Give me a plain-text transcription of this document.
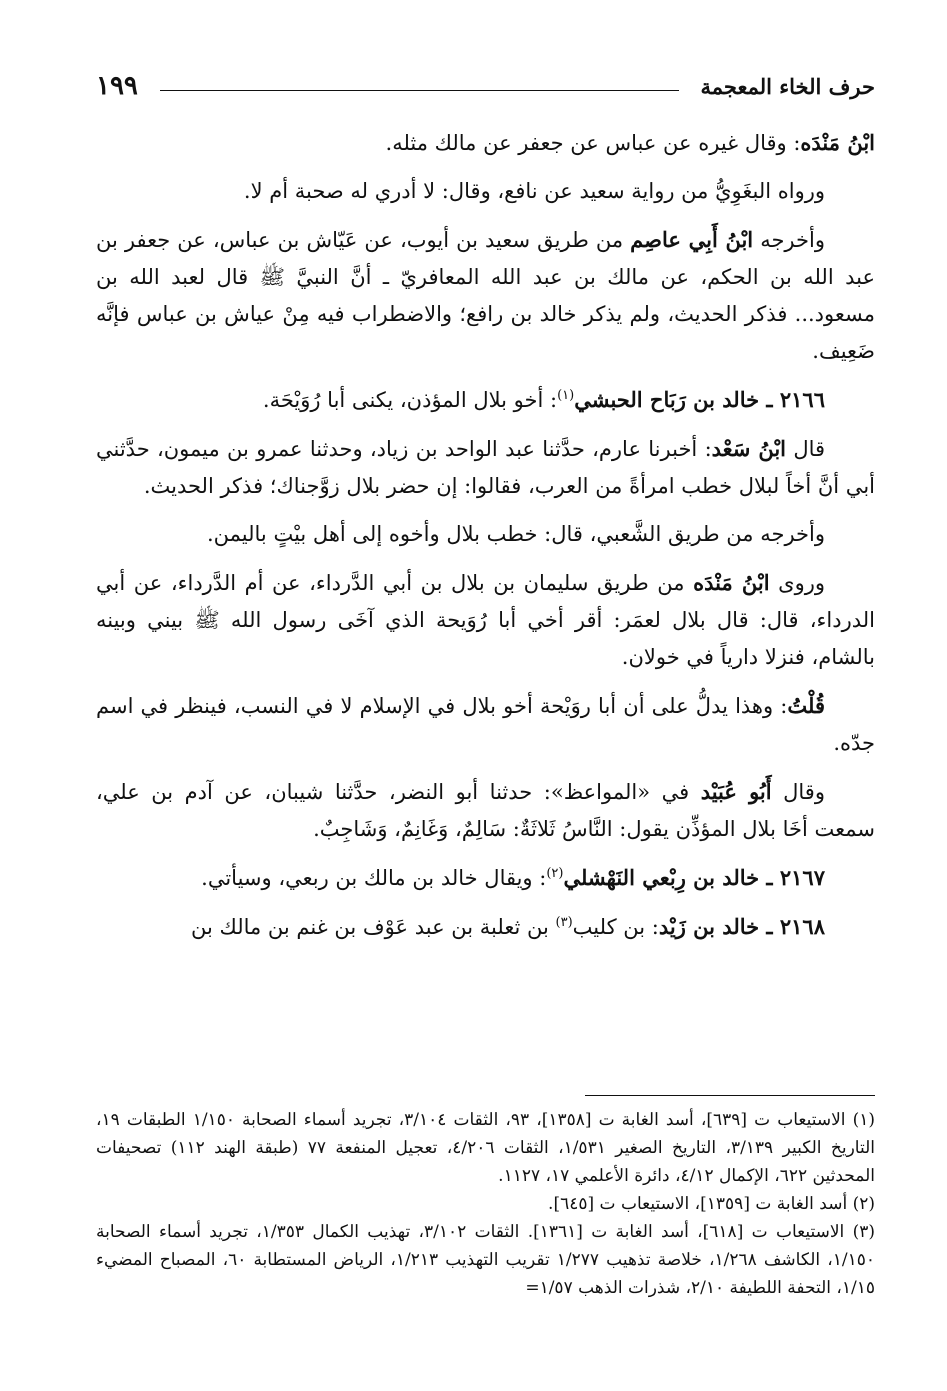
حرف الخاء المعجمة
١٩٩

ابْنُ مَنْدَه: وقال غيره عن عباس عن جعفر عن مالك مثله.

ورواه البغَوِيُّ من رواية سعيد عن نافع، وقال: لا أدري له صحبة أم لا.

وأخرجه ابْنُ أَبِي عاصِم من طريق سعيد بن أيوب، عن عَيّاش بن عباس، عن جعفر بن عبد الله بن الحكم، عن مالك بن عبد الله المعافريّ ـ أنَّ النبيَّ ﷺ قال لعبد الله بن مسعود... فذكر الحديث، ولم يذكر خالد بن رافع؛ والاضطراب فيه مِنْ عياش بن عباس فإنَّه ضَعِيف.

٢١٦٦ ـ خالد بن رَبَاح الحبشي$^{(١)}$: أخو بلال المؤذن، يكنى أبا رُوَيْحَة.

قال ابْنُ سَعْد: أخبرنا عارم، حدَّثنا عبد الواحد بن زياد، وحدثنا عمرو بن ميمون، حدَّثني أبي أنَّ أخاً لبلال خطب امرأةً من العرب، فقالوا: إن حضر بلال زوَّجناك؛ فذكر الحديث.

وأخرجه من طريق الشَّعبي، قال: خطب بلال وأخوه إلى أهل بيْتٍ باليمن.

وروى ابْنُ مَنْدَه من طريق سليمان بن بلال بن أبي الدَّرداء، عن أم الدَّرداء، عن أبي الدرداء، قال: قال بلال لعمَر: أقر أخي أبا رُوَيحة الذي آخَى رسول الله ﷺ بيني وبينه بالشام، فنزلا دارياً في خولان.

قُلْتُ: وهذا يدلُّ على أن أبا روَيْحة أخو بلال في الإسلام لا في النسب، فينظر في اسم جدّه.

وقال أَبُو عُبَيْد في «المواعظ»: حدثنا أبو النضر، حدَّثنا شيبان، عن آدم بن علي، سمعت أخَا بلال المؤذِّن يقول: النَّاسُ ثَلاثَةٌ: سَالِمٌ، وَغَانِمٌ، وَشَاجِبٌ.

٢١٦٧ ـ خالد بن رِبْعي النَهْشلي$^{(٢)}$: ويقال خالد بن مالك بن ربعي، وسيأتي.

٢١٦٨ ـ خالد بن زَيْد: بن كليب$^{(٣)}$ بن ثعلبة بن عبد عَوْف بن غنم بن مالك بن

(١) الاستيعاب ت [٦٣٩]، أسد الغابة ت [١٣٥٨]، ٩٣، الثقات ٣/١٠٤، تجريد أسماء الصحابة ١/١٥٠ الطبقات ١٩، التاريخ الكبير ٣/١٣٩، التاريخ الصغير ١/٥٣١، الثقات ٤/٢٠٦، تعجيل المنفعة ٧٧ (طبقة الهند ١١٢) تصحيفات المحدثين ٦٢٢، الإكمال ٤/١٢، دائرة الأعلمي ١٧، ١١٢٧.

(٢) أسد الغابة ت [١٣٥٩]، الاستيعاب ت [٦٤٥].

(٣) الاستيعاب ت [٦١٨]، أسد الغابة ت [١٣٦١]. الثقات ٣/١٠٢، تهذيب الكمال ١/٣٥٣، تجريد أسماء الصحابة ١/١٥٠، الكاشف ١/٢٦٨، خلاصة تذهيب ١/٢٧٧ تقريب التهذيب ١/٢١٣، الرياض المستطابة ٦٠، المصباح المضيء ١/١٥، التحفة اللطيفة ٢/١٠، شذرات الذهب ١/٥٧=
